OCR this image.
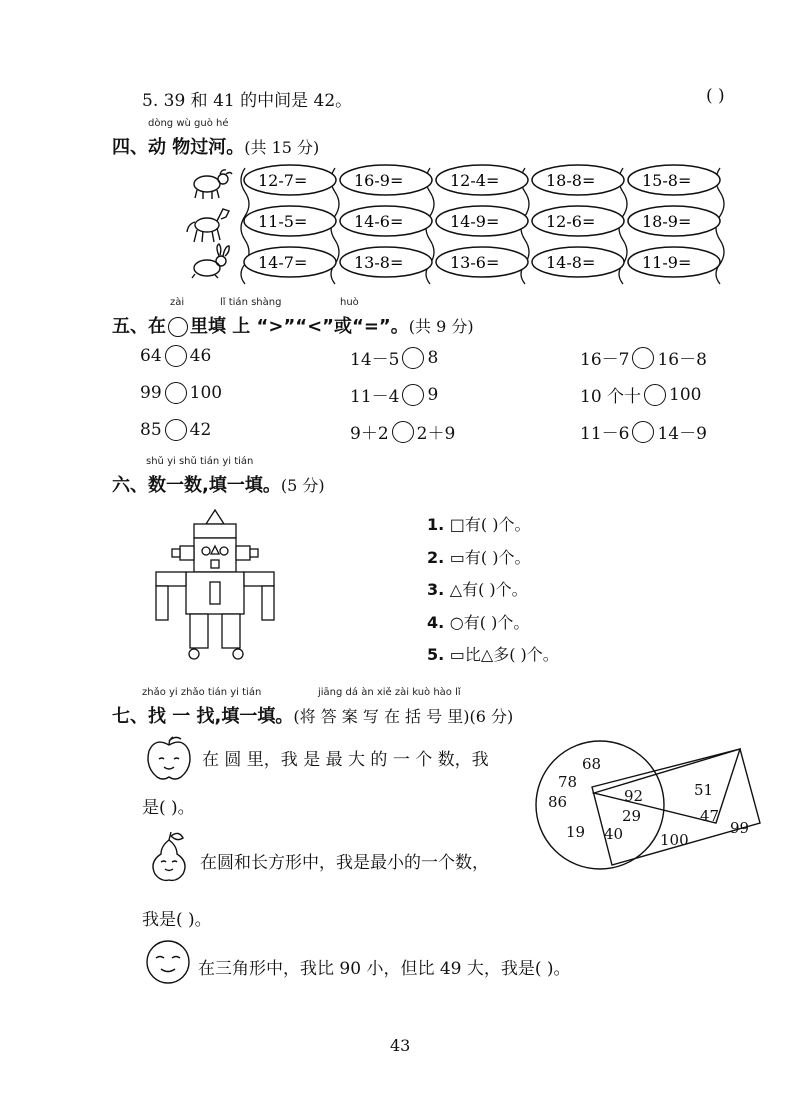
5. 39 和 41 的中间是 42。	( )
dòng wù guò hé
四、动 物过河。(共 15 分)
12-7=	16-9=	12-4=	18-8=	15-8=
11-5=	14-6=	14-9=	12-6=	18-9=
14-7=	13-8=	13-6=	14-8=	11-9=
zài	lǐ tián shàng	huò
五、在 里填 上 “>”“<”或“=”。(共 9 分)
64 46	14－5 8	16－7 16－8
99 100	11－4 9	10 个十 100
85 42	9＋2 2＋9	11－6 14－9
shǔ yi shǔ tián yi tián
六、数一数,填一填。(5 分)
1. □有( )个。
2. ▭有( )个。
3. △有( )个。
4. ○有( )个。
5. ▭比△多( )个。
zhǎo yi zhǎo tián yi tián	jiāng dá àn xiě zài kuò hào lǐ
七、找 一 找,填一填。(将 答 案 写 在 括 号 里)(6 分)
在 圆 里，我 是 最 大 的 一 个 数，我
是( )。
在圆和长方形中，我是最小的一个数，
我是( )。
在三角形中，我比 90 小，但比 49 大，我是( )。
68
78
86
19
92
29
40
51
47
100
99
43
